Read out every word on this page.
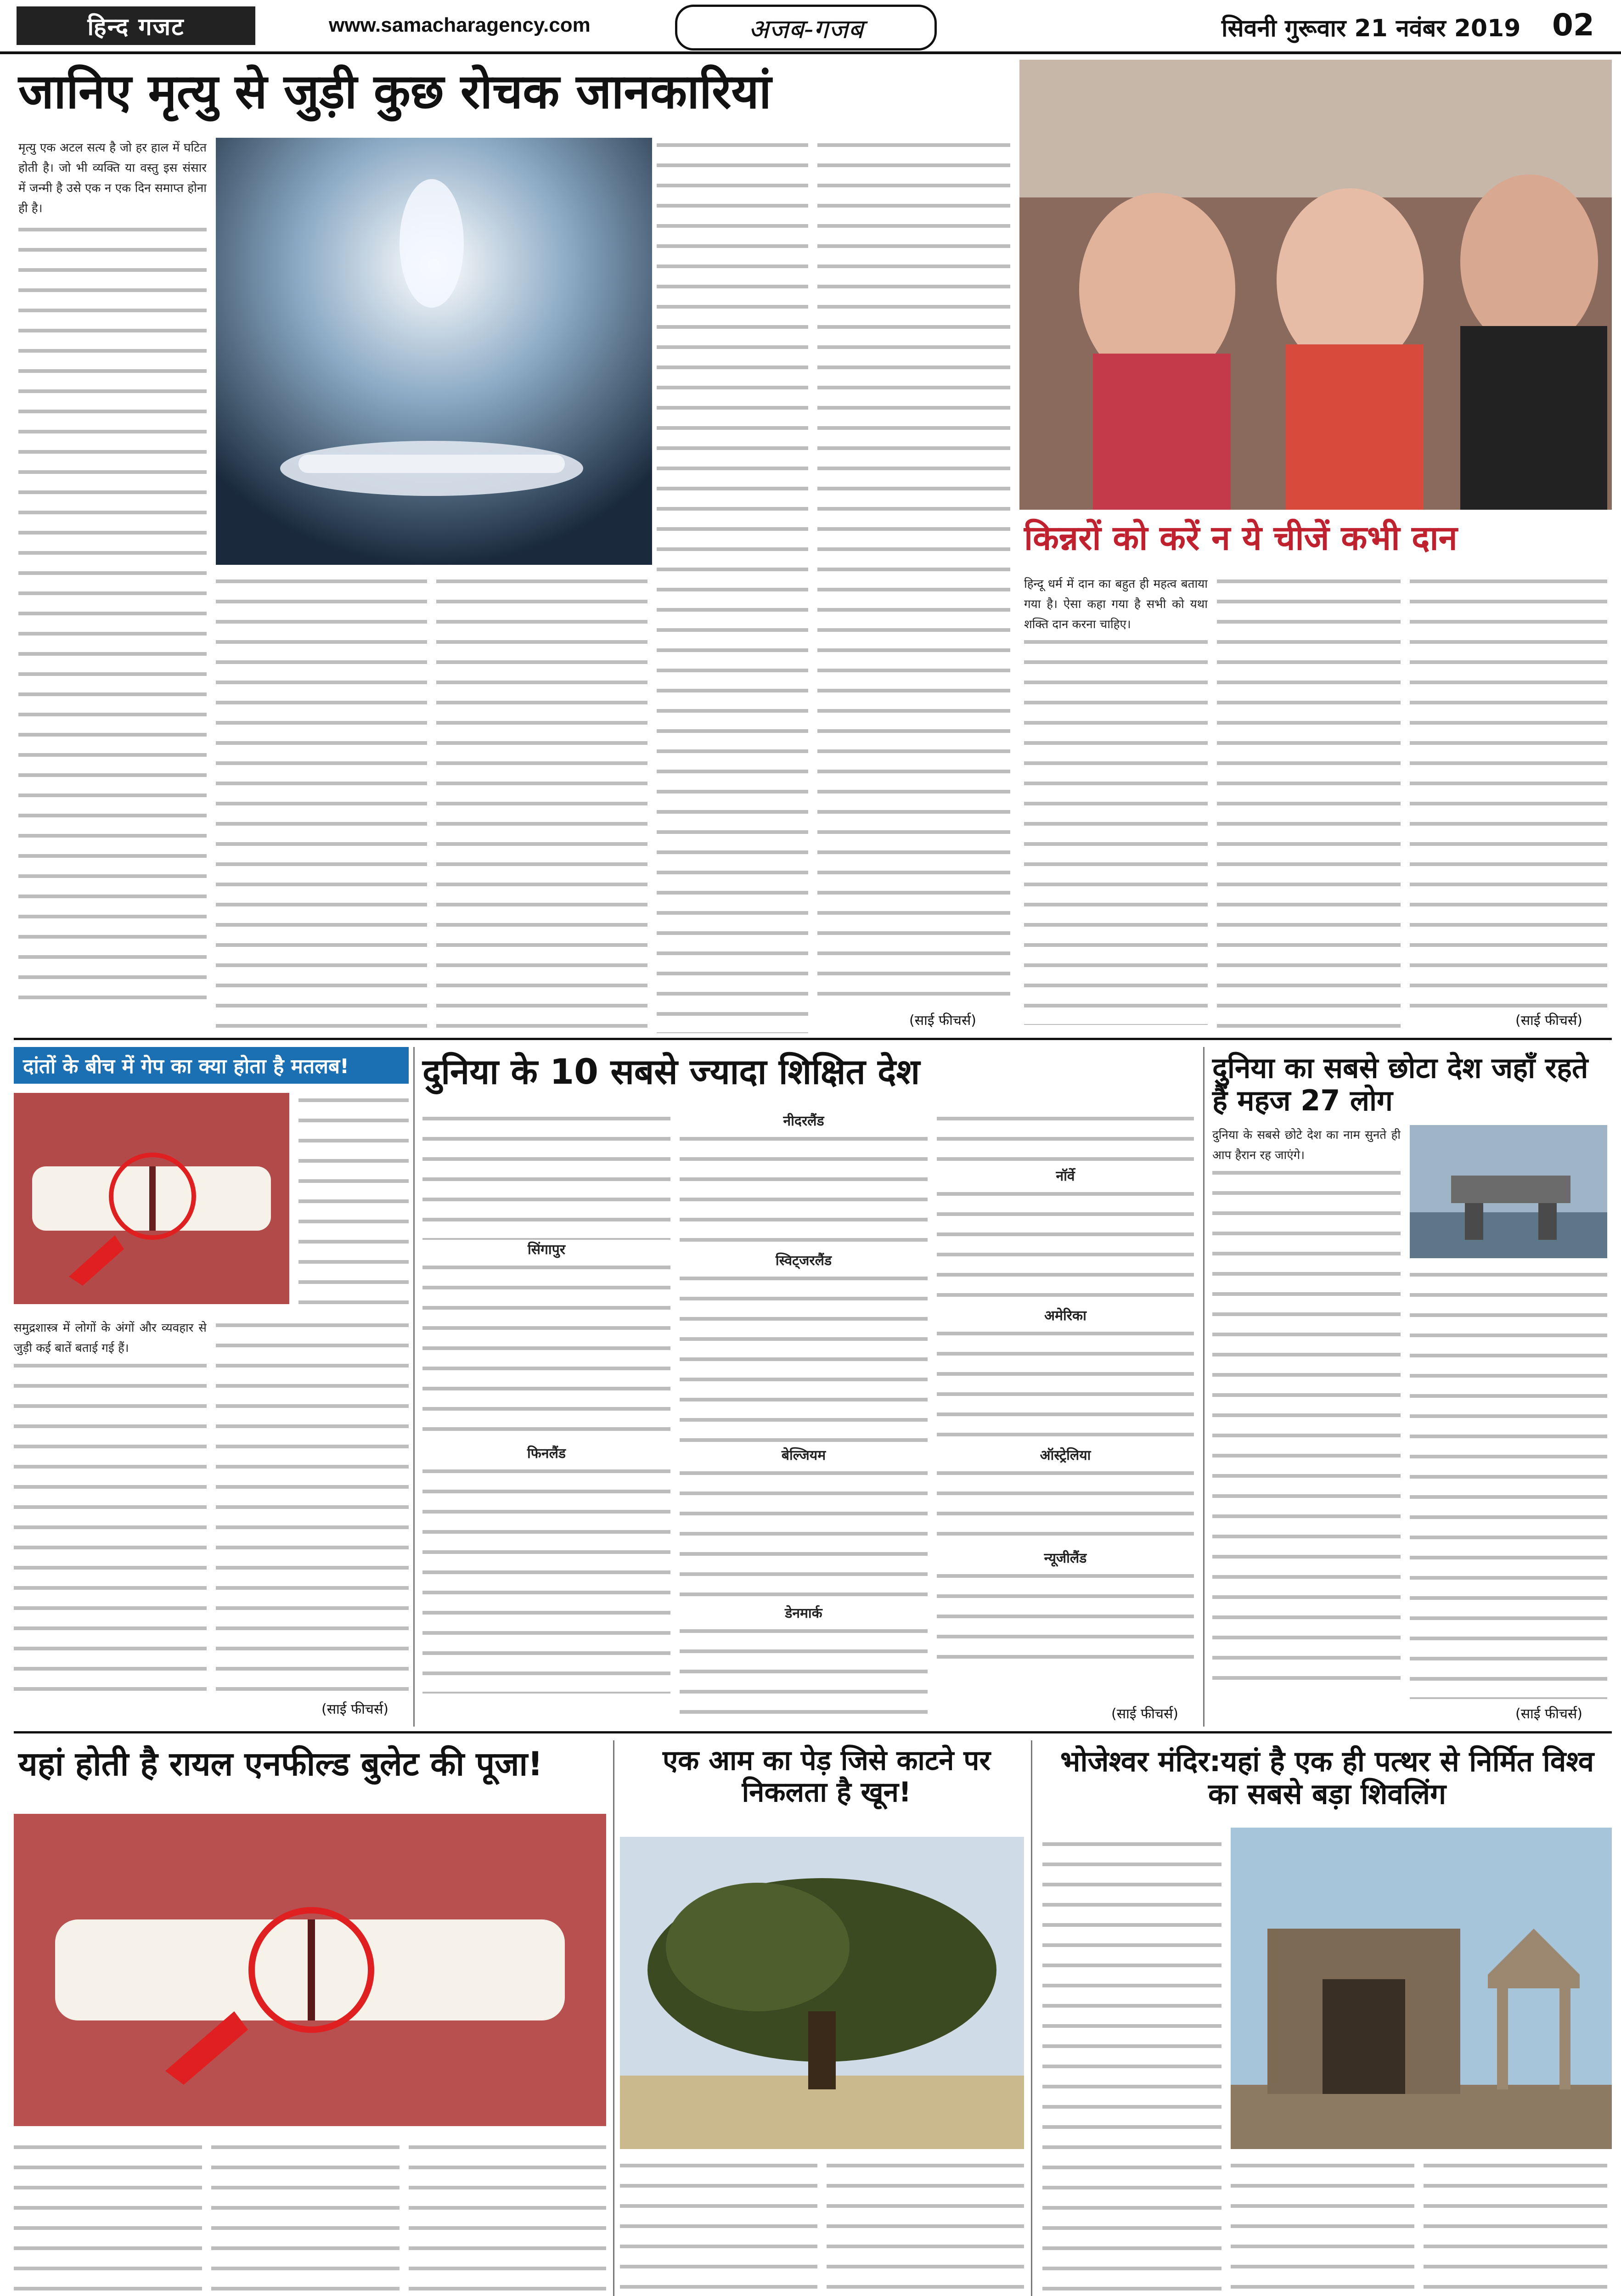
हिन्द गजट	www.samacharagency.com	अजब-गजब	सिवनी गुरूवार 21 नवंबर 2019 02
जानिए मृत्यु से जुड़ी कुछ रोचक जानकारियां
मृत्यु एक अटल सत्य है जो हर हाल में घटित होती है। जो भी व्यक्ति या वस्तु इस संसार में जन्मी है उसे एक न एक दिन समाप्त होना ही है।
(साई फीचर्स)
किन्नरों को करें न ये चीजें कभी दान
हिन्दू धर्म में दान का बहुत ही महत्व बताया गया है। ऐसा कहा गया है सभी को यथा शक्ति दान करना चाहिए।
(साई फीचर्स)
दांतों के बीच में गेप का क्या होता है मतलब!
समुद्रशास्त्र में लोगों के अंगों और व्यवहार से जुड़ी कई बातें बताई गई हैं।
(साई फीचर्स)
दुनिया के 10 सबसे ज्यादा शिक्षित देश
सिंगापुर
फिनलैंड
नीदरलैंड
स्विट्जरलैंड
बेल्जियम
डेनमार्क
नॉर्वे
अमेरिका
ऑस्ट्रेलिया
न्यूजीलैंड
(साई फीचर्स)
दुनिया का सबसे छोटा देश जहाँ रहते हैं महज 27 लोग
दुनिया के सबसे छोटे देश का नाम सुनते ही आप हैरान रह जाएंगे।
(साई फीचर्स)
यहां होती है रायल एनफील्ड बुलेट की पूजा!	एक आम का पेड़ जिसे काटने पर निकलता है खून!
भोजेश्वर मंदिर:यहां है एक ही पत्थर से निर्मित विश्व का सबसे बड़ा शिवलिंग
